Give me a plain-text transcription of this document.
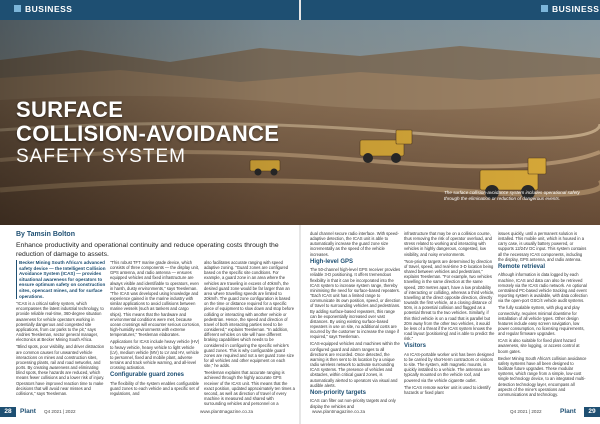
BUSINESS	BUSINESS
SURFACE
COLLISION-AVOIDANCE
SAFETY SYSTEM
The surface collision-avoidance system includes operational safety through the elimination or reduction of dangerous events.
By Tamsin Bolton
Enhance productivity and operational continuity and reduce operating costs through the reduction of damage to assets.

Becker Mining South Africa's advanced safety device — the Intelligent Collision Avoidance System (ICAS) — provides situational awareness for operators to ensure optimum safety on construction sites, opencast mines, and for surface operations.

"ICAS is a critical safety system, which encompasses the latest industrial technology, to provide reliable real-time, 360-degree situation awareness for vehicle operators working in potentially dangerous and congested site applications, from car parks to the pit," says Andries Teesleman, sector general manager, electronics at Becker Mining South Africa.

"Blind spots, poor visibility, and driver distraction are common causes for unwanted vehicle interactions on mines and construction sites, processing plants, rail and road networks, and ports. By creating awareness and eliminating blind spots, these hazards are reduced, which means fewer collisions and a lower risk of injury. Operators have improved reaction time to make decisions that will avoid near misses and collisions," says Teesleman.

"This robust TFT marine grade device, which consists of three components — the display unit, GPS antenna, and radio antenna — ensures equipped vehicles and fixed infrastructure are always visible and identifiable to operators, even in harsh, dusty environments," says Teesleman. "The ICAS was developed using knowledge and experience gained in the marine industry with similar applications to avoid collisions between marine vessels (such as tankers and cargo ships). This means that the hardware and environmental conditions were met, because ocean crossings will encounter serious corrosion, high-humidity environments with extreme temperatures," Teesleman elaborates.

Applications for ICAS include heavy vehicle (HV) to heavy vehicle, heavy vehicle to light vehicle (LV), medium vehicle (MV) to LV and HV, vehicle to personnel, fixed and mobile plant, adverse terrains and track vehicle warning, and all-level crossing activation.

Configurable guard zones

The flexibility of the system enables configurable guard zones to each vehicle and a specific set of regulations, and

also facilitates accurate ranging with speed adaptive zoning. "Guard zones are configured based on the specific site conditions. For example, a guard zone in an area where the vehicles are traveling in excess of 40km/h, the desired guard zone would be far larger than an area where travelling speeds are limited to 20km/h. The guard zone configuration is based on the time or distance required for a specific piece of equipment to slow down and stop before colliding or interacting with another vehicle or pedestrian. Hence, the speed and direction of travel of both interacting parties need to be considered," explains Teesleman. "In addition, different vehicles on site will have different braking capabilities which needs to be considered in configuring the specific vehicle's guard zones. This is why configurable guard zones are required and not a set guard zone size for all vehicles and other equipment on each site," he adds.

Teesleman explains that accurate ranging is achieved through the highly accurate GPS receiver of the ICAS unit. This means that the exact position, updated approximately ten times a second, as well as direction of travel of every machine is measured and shared with surrounding vehicles and personnel on a

dual channel secure radio interface. With speed-adaptive detection, the ICAS unit is able to automatically increase the guard zone size incrementally as the speed of the vehicle increases.

High-level GPS

The 50-channel high-level GPS receiver provides reliable 3-D positioning. It offers tremendous flexibility in that it can be incorporated into the ICAS system to increase system range, thereby minimising the need for surface-based repeaters. "Each ICAS unit has a limited range to communicate its own position, speed, or direction of travel to surrounding vehicles and pedestrians. By adding surface-based repeaters, this range can be exponentially increased over vast distances. By using existing surface-based repeaters in use on site, no additional costs are incurred by the customer to increase the range if required," says Teesleman.

ICAS-equipped vehicles and machines within the configured guard and alarm ranges to all directions are recorded. Once detected, the warning is then sent to its location by a unique radio wireless network to activate surrounding ICAS systems. The presence of vehicles and obstacles, within critical guard zones, is automatically alerted to operators via visual and audible alerts.

Non-priority targets

ICAS can filter out non-priority targets and only display the vehicles and

infrastructure that may be on a collision course, thus removing the risk of operator overload, and stress related to working and interacting with vehicles in highly dangerous, congested, low visibility, and noisy environments.

"Non-priority targets are determined by direction of travel, speed, and real-time 3-D location being shared between vehicles and pedestrians," explains Teesleman. "For example, two vehicles travelling in the same direction at the same speed, 200 metres apart, have a low probability of interacting or colliding, whereas a third vehicle, travelling at the direct opposite direction, directly towards the first vehicle, at a closing distance of 50m, is a potential collision and flagged as a potential threat to the two vehicles. Similarly, if this third vehicle is on a road that is parallel but 20m away from the other two vehicles, it would be less of a threat if the ICAS system knows the road layout (positioning) and is able to predict the risk."

Visitors

An ICAS-portable worker unit has been designed to be carried by short-term contractors or visitors to site. The system, with magnetic mounts, is quickly installed to a vehicle. The antennas are typically mounted on the vehicle roof, and powered via the vehicle cigarette outlet.

The ICAS remote worker unit is used to identify hazards or fixed plant

issues quickly, until a permanent solution is installed. This mobile unit, which is housed in a carry case, is usually battery powered, or supports 12/24V DC input. This system contains all the necessary ICAS components, including the display, GPS antenna, and radio antenna.

Remote retrieval

Although information is data logged by each machine, ICAS and data can also be retrieved remotely via the ICAS radio network. An optional centralised PC-based vehicle tracking and event reporting system is available, with data collection via the open-port GSC/4 vehicle audit systems.

The fully scalable system, with plug and play connectivity, requires minimal downtime for installation of all vehicle types. Other design features include easy screen navigation, low power consumption, no licensing requirements, and regular firmware upgrades.

ICAS is also suitable for fixed plant hazard awareness, site logging, or access control at boom gates.

Becker Mining South Africa's collision avoidance safety systems have all been designed to facilitate future upgrades. These modular systems, which range from a simple, low-cost single technology device, to an integrated multi-detection technology layer, encompass all aspects of the mine's operations and communications and technology.

28	Plant Q4 2021 | 2022	www.plantmagazine.co.za	www.plantmagazine.co.za	Q4 2021 | 2022	Plant	29
